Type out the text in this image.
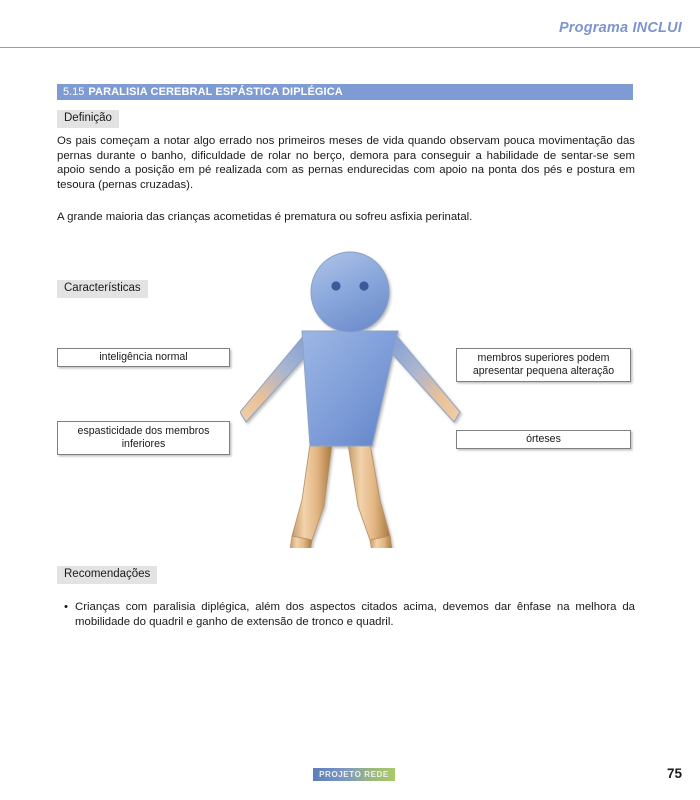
Programa INCLUI
5.15 PARALISIA CEREBRAL ESPÁSTICA DIPLÉGICA
Definição
Os pais começam a notar algo errado nos primeiros meses de vida quando observam pouca movimentação das pernas durante o banho, dificuldade de rolar no berço, demora para conseguir a habilidade de sentar-se sem apoio sendo a posição em pé realizada com as pernas endurecidas com apoio na ponta dos pés e postura em tesoura (pernas cruzadas).
A grande maioria das crianças acometidas é prematura ou sofreu asfixia perinatal.
Características
inteligência normal
espasticidade dos membros inferiores
membros superiores podem apresentar pequena alteração
órteses
Recomendações
• Crianças com paralisia diplégica, além dos aspectos citados acima, devemos dar ênfase na melhora da mobilidade do quadril e ganho de extensão de tronco e quadril.
PROJETO REDE	75
